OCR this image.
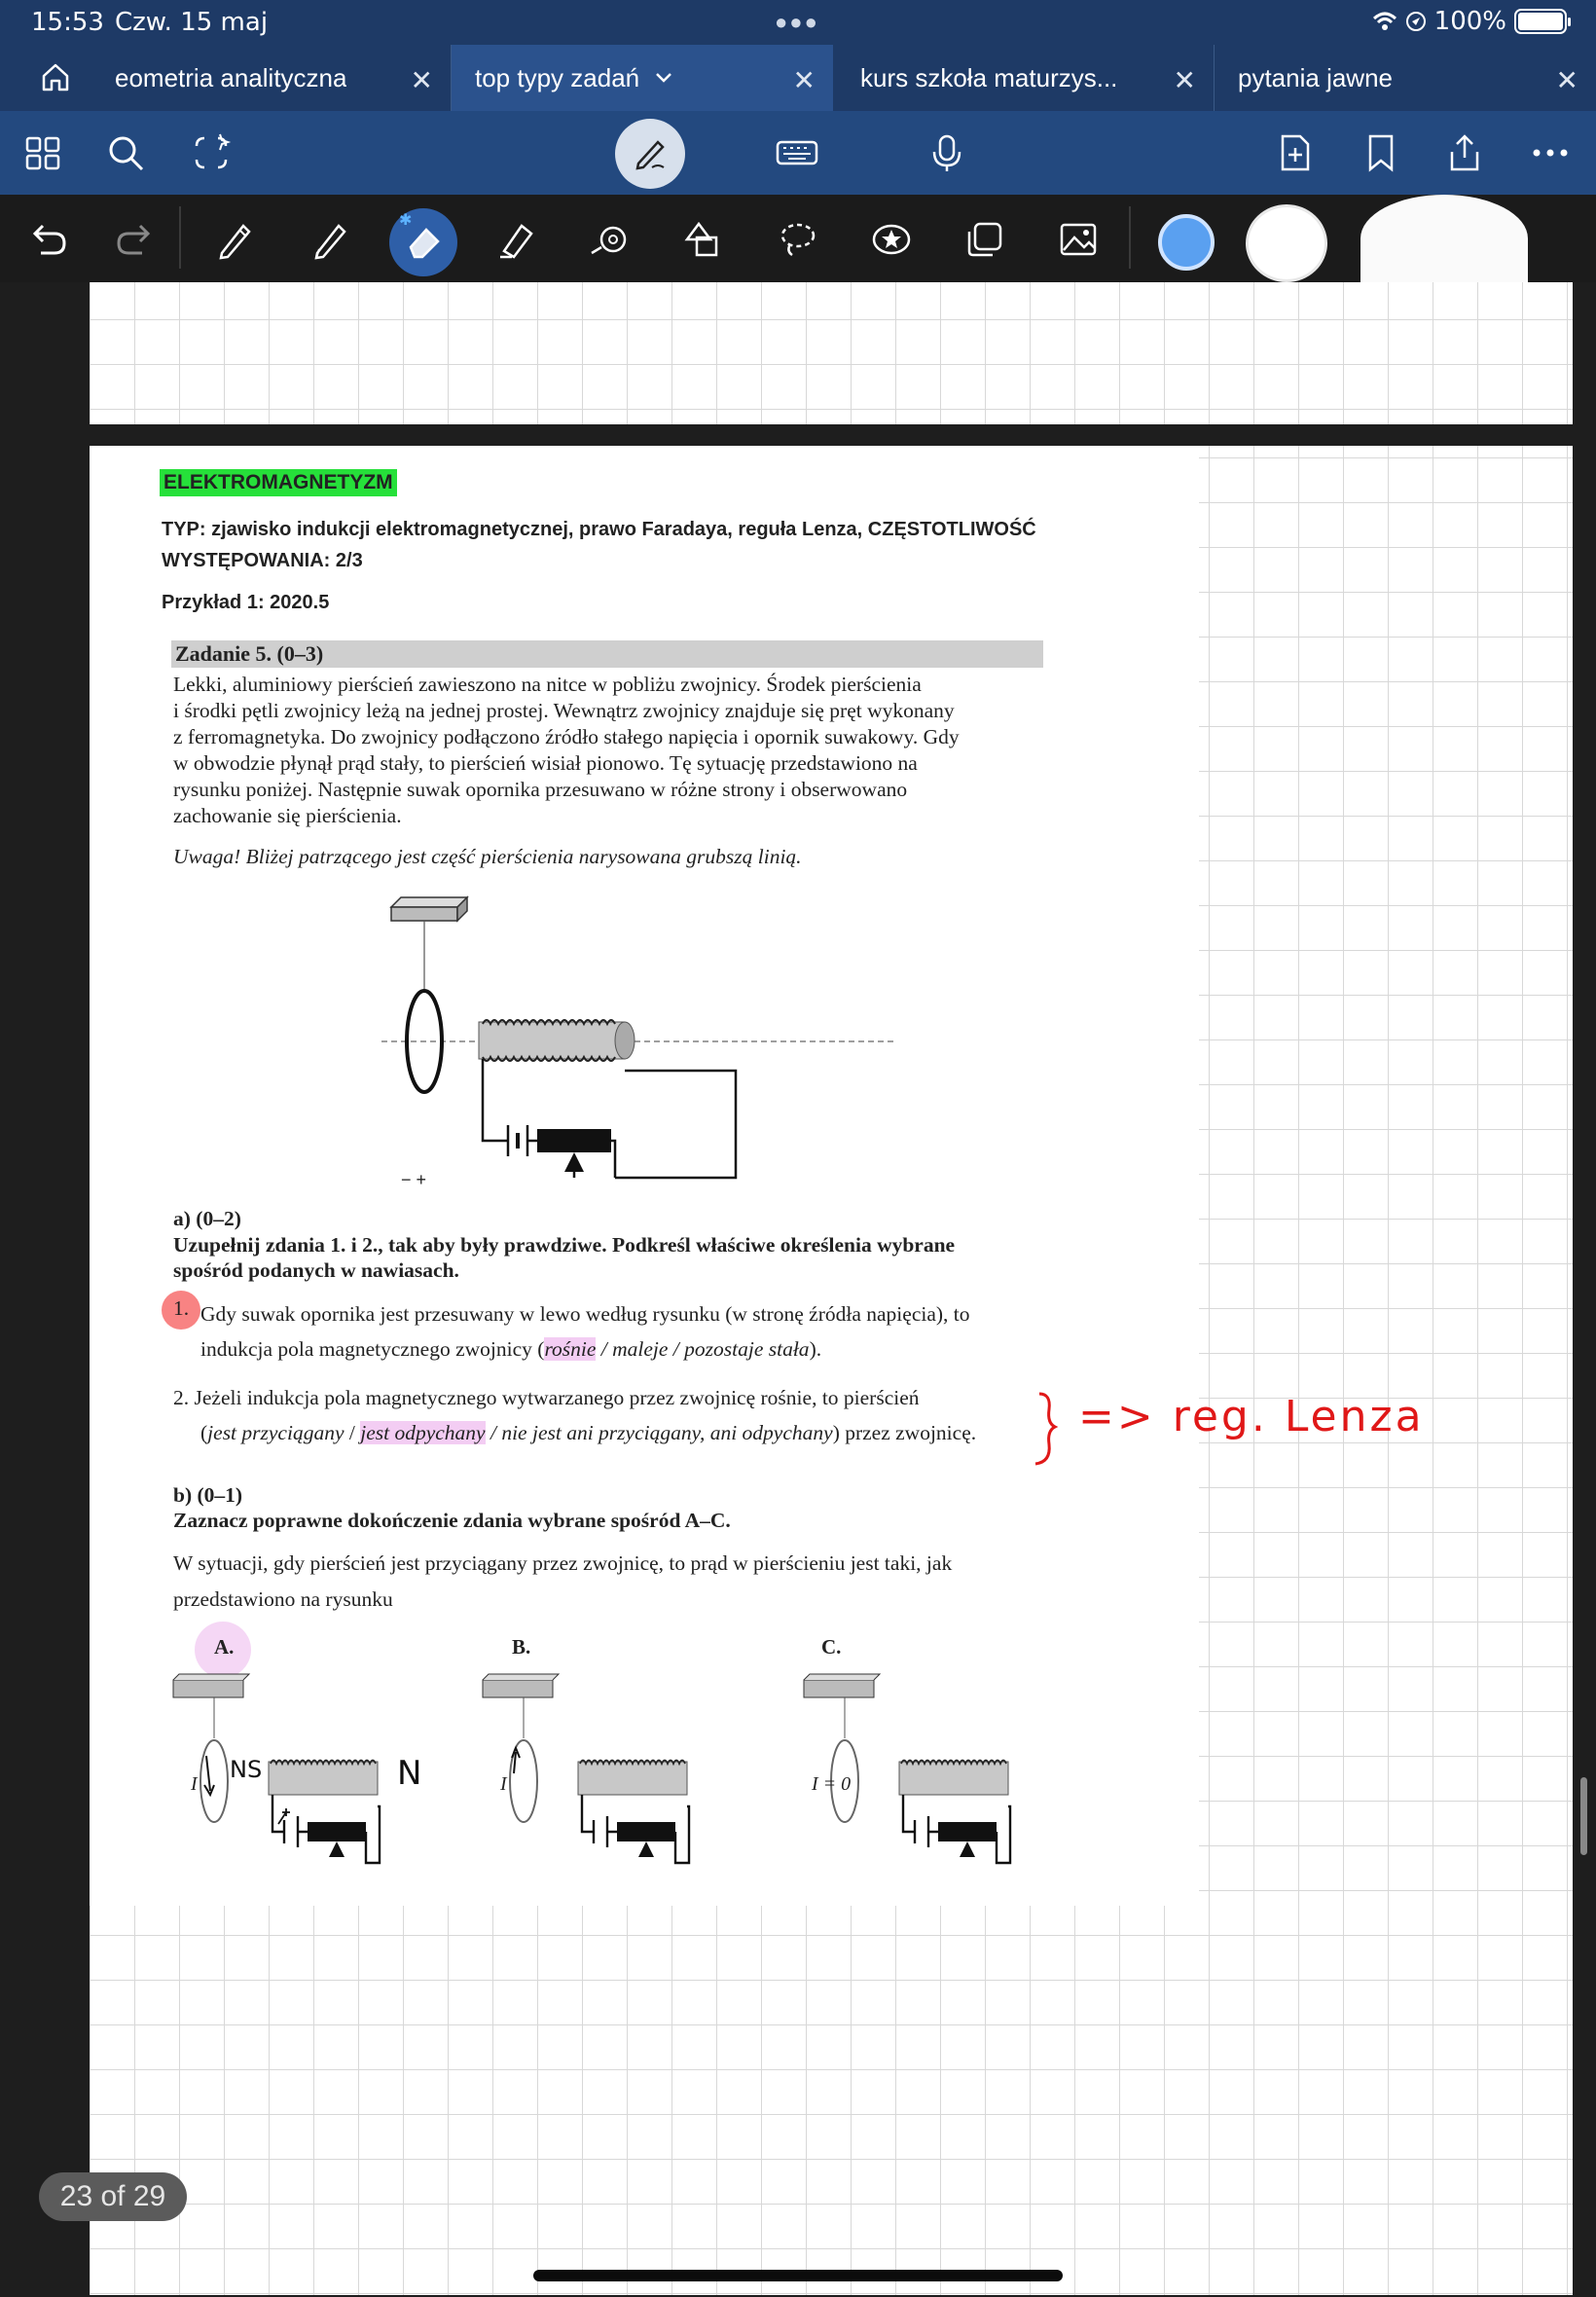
15:53 Czw. 15 maj	●●●	100%
eometria analityczna ✕	top typy zadań	✕	kurs szkoła maturzys... ✕	pytania jawne	✕
✱
ELEKTROMAGNETYZM
TYP: zjawisko indukcji elektromagnetycznej, prawo Faradaya, reguła Lenza, CZĘSTOTLIWOŚĆ
WYSTĘPOWANIA: 2/3
Przykład 1: 2020.5
Zadanie 5. (0–3)
Lekki, aluminiowy pierścień zawieszono na nitce w pobliżu zwojnicy. Środek pierścienia
i środki pętli zwojnicy leżą na jednej prostej. Wewnątrz zwojnicy znajduje się pręt wykonany
z ferromagnetyka. Do zwojnicy podłączono źródło stałego napięcia i opornik suwakowy. Gdy
w obwodzie płynął prąd stały, to pierścień wisiał pionowo. Tę sytuację przedstawiono na
rysunku poniżej. Następnie suwak opornika przesuwano w różne strony i obserwowano
zachowanie się pierścienia.
Uwaga! Bliżej patrzącego jest część pierścienia narysowana grubszą linią.
− +
a) (0–2)
Uzupełnij zdania 1. i 2., tak aby były prawdziwe. Podkreśl właściwe określenia wybrane
spośród podanych w nawiasach.
1. Gdy suwak opornika jest przesuwany w lewo według rysunku (w stronę źródła napięcia), to
indukcja pola magnetycznego zwojnicy (rośnie / maleje / pozostaje stała).
2. Jeżeli indukcja pola magnetycznego wytwarzanego przez zwojnicę rośnie, to pierścień
(jest przyciągany / jest odpychany / nie jest ani przyciągany, ani odpychany) przez zwojnicę.
b) (0–1)
Zaznacz poprawne dokończenie zdania wybrane spośród A–C.
W sytuacji, gdy pierścień jest przyciągany przez zwojnicę, to prąd w pierścieniu jest taki, jak
przedstawiono na rysunku
A.	B.	C.
I	I	I = 0
NS	N
=> reg. Lenza
23 of 29
